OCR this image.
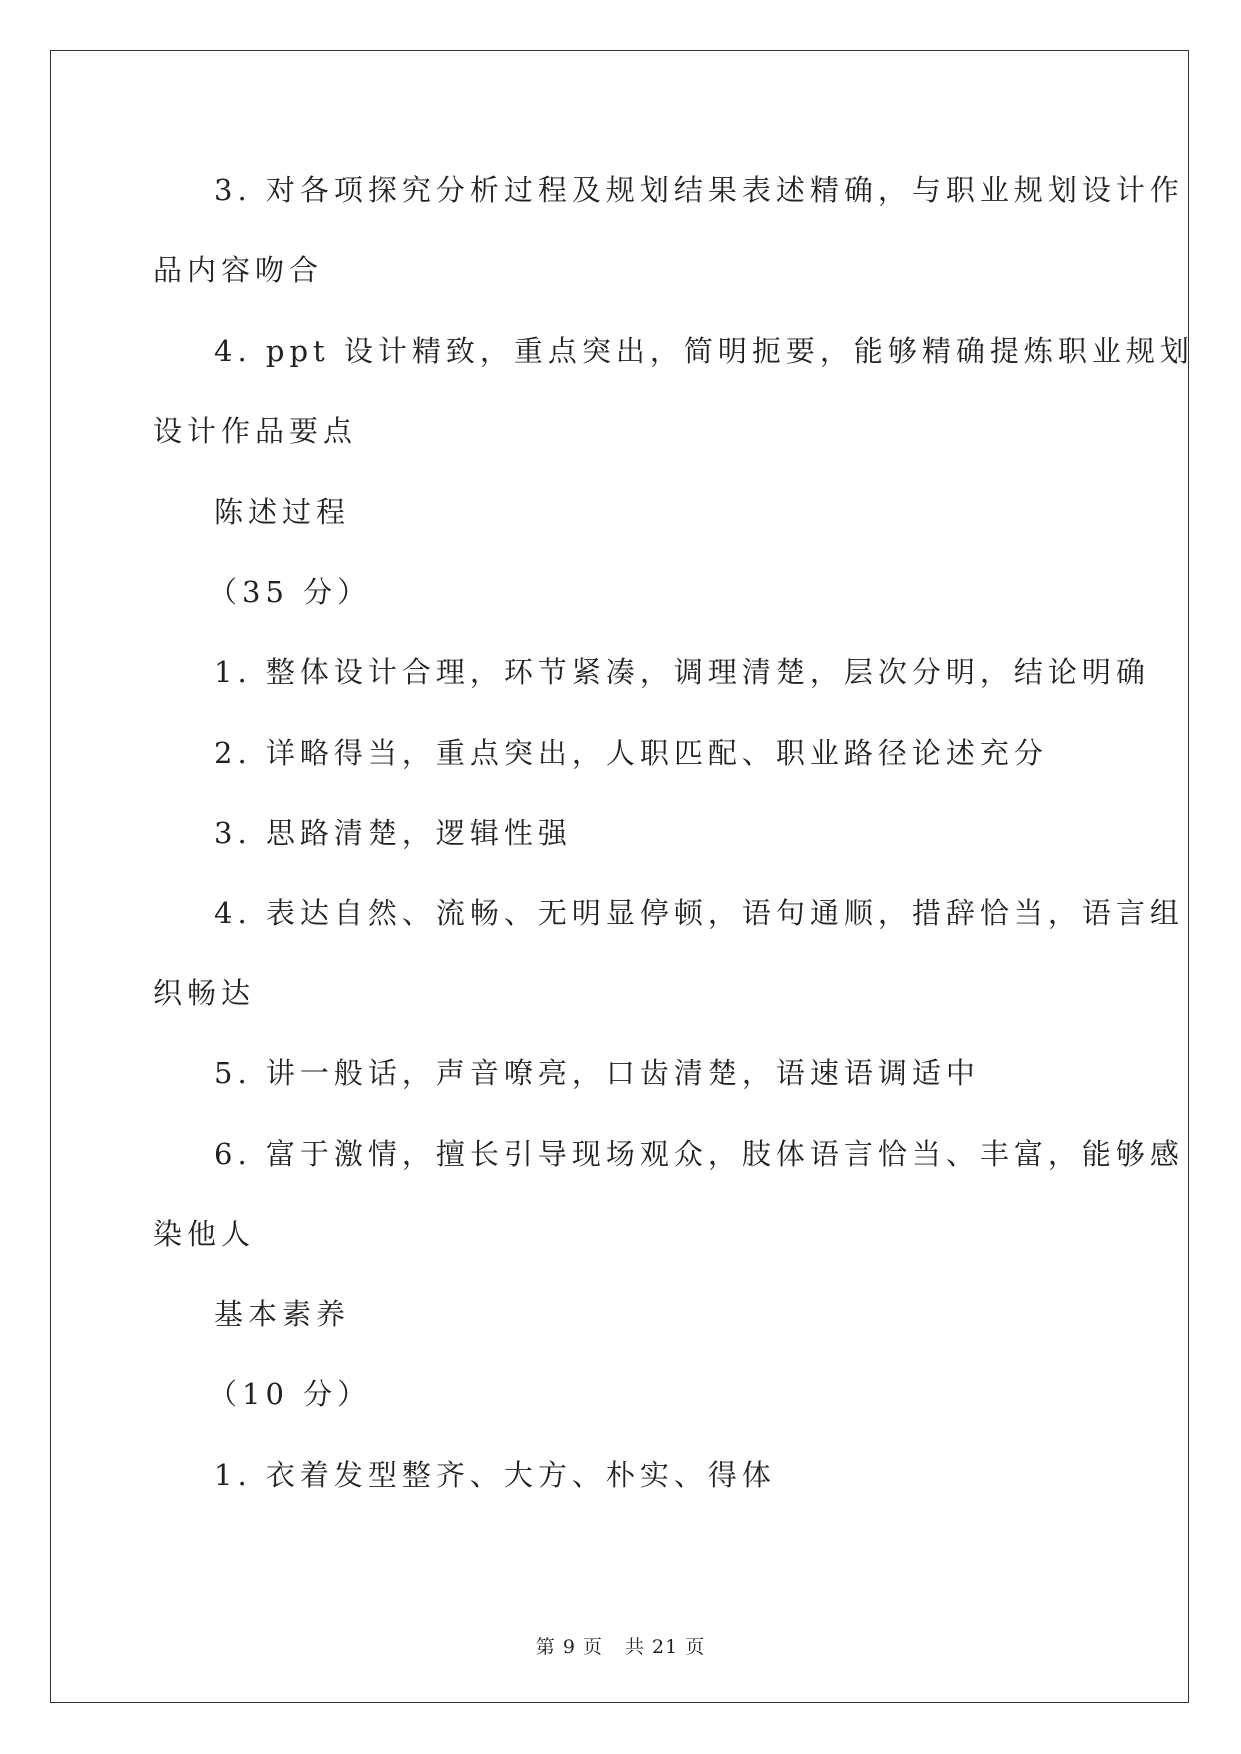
3. 对各项探究分析过程及规划结果表述精确，与职业规划设计作
品内容吻合
4. ppt 设计精致，重点突出，简明扼要，能够精确提炼职业规划
设计作品要点
陈述过程
（35 分）
1. 整体设计合理，环节紧凑，调理清楚，层次分明，结论明确
2. 详略得当，重点突出，人职匹配、职业路径论述充分
3. 思路清楚，逻辑性强
4. 表达自然、流畅、无明显停顿，语句通顺，措辞恰当，语言组
织畅达
5. 讲一般话，声音嘹亮，口齿清楚，语速语调适中
6. 富于激情，擅长引导现场观众，肢体语言恰当、丰富，能够感
染他人
基本素养
（10 分）
1. 衣着发型整齐、大方、朴实、得体
第 9 页 共 21 页
